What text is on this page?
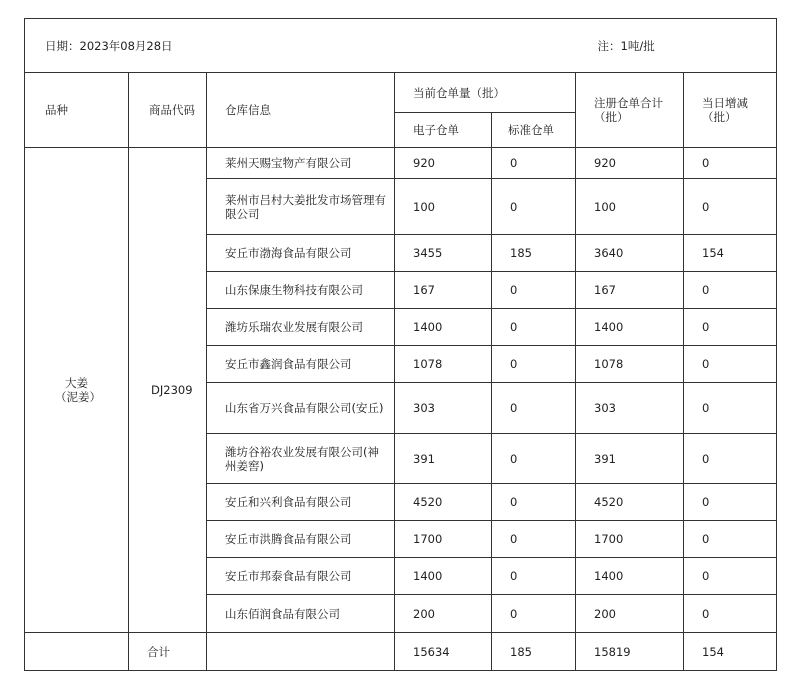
日期：2023年08月28日					注：1吨/批	
品种	商品代码	仓库信息	当前仓单量（批）		注册仓单合计（批）	当日增减（批）
			电子仓单	标准仓单		
大姜（泥姜）	DJ2309	莱州天赐宝物产有限公司	920	0	920	0
		莱州市吕村大姜批发市场管理有限公司	100	0	100	0
		安丘市渤海食品有限公司	3455	185	3640	154
		山东保康生物科技有限公司	167	0	167	0
		潍坊乐瑞农业发展有限公司	1400	0	1400	0
		安丘市鑫润食品有限公司	1078	0	1078	0
		山东省万兴食品有限公司(安丘)	303	0	303	0
		潍坊谷裕农业发展有限公司(神州姜窖)	391	0	391	0
		安丘和兴利食品有限公司	4520	0	4520	0
		安丘市洪腾食品有限公司	1700	0	1700	0
		安丘市邦泰食品有限公司	1400	0	1400	0
		山东佰润食品有限公司	200	0	200	0
	合计		15634	185	15819	154
